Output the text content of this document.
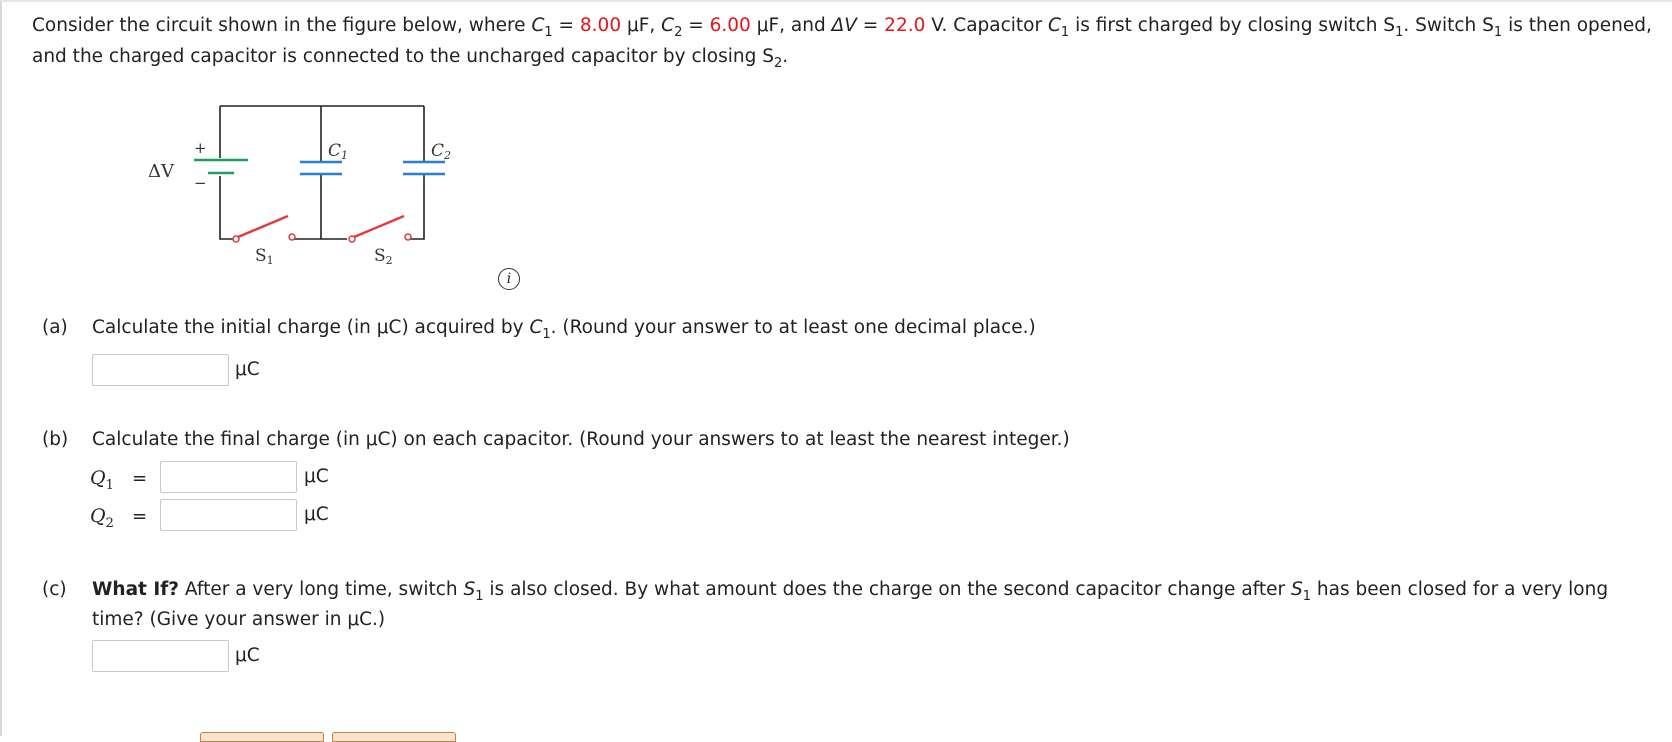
Consider the circuit shown in the figure below, where $C_1 = 8.00$ μF, $C_2 = 6.00$ μF, and ΔV = 22.0 V. Capacitor $C_1$ is first charged by closing switch $S_1$. Switch $S_1$ is then opened, and the charged capacitor is connected to the uncharged capacitor by closing $S_2$.
ΔV
+
−
C1	C2
S1	S2
i
(a) Calculate the initial charge (in μC) acquired by $C_1$. (Round your answer to at least one decimal place.)
μC
(b) Calculate the final charge (in μC) on each capacitor. (Round your answers to at least the nearest integer.)
$Q_1$ =	μC
$Q_2$ =	μC
(c) What If? After a very long time, switch $S_1$ is also closed. By what amount does the charge on the second capacitor change after $S_1$ has been closed for a very long time? (Give your answer in μC.)
μC
